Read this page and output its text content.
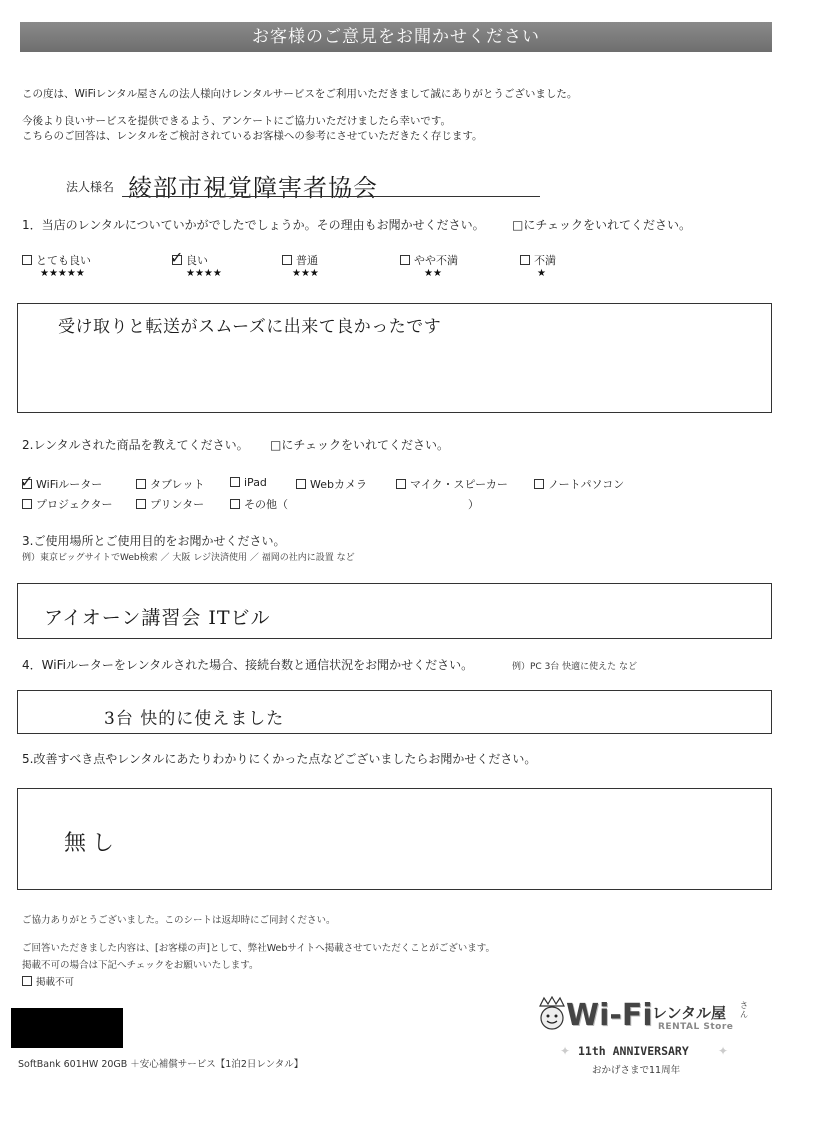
お客様のご意見をお聞かせください
この度は、WiFiレンタル屋さんの法人様向けレンタルサービスをご利用いただきまして誠にありがとうございました。
今後より良いサービスを提供できるよう、アンケートにご協力いただけましたら幸いです。
こちらのご回答は、レンタルをご検討されているお客様への参考にさせていただきたく存じます。
法人様名 綾部市視覚障害者協会
1．当店のレンタルについていかがでしたでしょうか。その理由もお聞かせください。 □にチェックをいれてください。
とても良い
★★★★★
✓ 良い
★★★★
普通
★★★
やや不満
★★
不満
★
受け取りと転送がスムーズに出来て良かったです
2.レンタルされた商品を教えてください。 □にチェックをいれてください。
✓ WiFiルーター	タブレット	iPad	Webカメラ	マイク・スピーカー	ノートパソコン
プロジェクター	プリンター	その他（	）
3.ご使用場所とご使用目的をお聞かせください。
例）東京ビッグサイトでWeb検索 ／ 大阪 レジ決済使用 ／ 福岡の社内に設置 など
アイオーン講習会 ITビル
4．WiFiルーターをレンタルされた場合、接続台数と通信状況をお聞かせください。	例）PC 3台 快適に使えた など
3台 快的に使えました
5.改善すべき点やレンタルにあたりわかりにくかった点などございましたらお聞かせください。
無し
ご協力ありがとうございました。このシートは返却時にご同封ください。
ご回答いただきました内容は、[お客様の声]として、弊社Webサイトへ掲載させていただくことがございます。
掲載不可の場合は下記へチェックをお願いいたします。
掲載不可
SoftBank 601HW 20GB ＋安心補償サービス【1泊2日レンタル】
Wi-Fi レンタル屋 さん
RENTAL Store
✦ 11th ANNIVERSARY ✦
おかげさまで11周年
